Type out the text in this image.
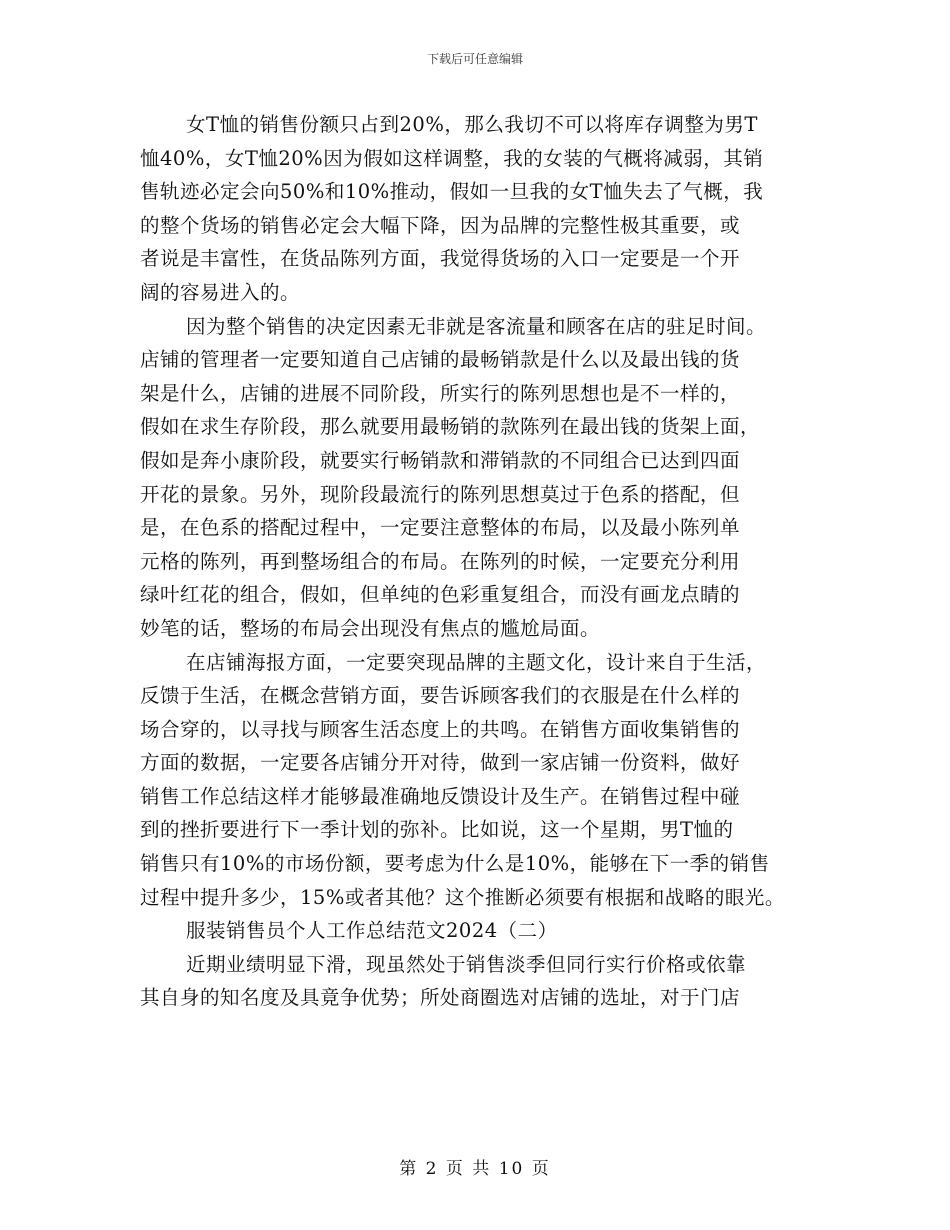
下载后可任意编辑
女T恤的销售份额只占到20%，那么我切不可以将库存调整为男T
恤40%，女T恤20%因为假如这样调整，我的女装的气概将减弱，其销
售轨迹必定会向50%和10%推动，假如一旦我的女T恤失去了气概，我
的整个货场的销售必定会大幅下降，因为品牌的完整性极其重要，或
者说是丰富性，在货品陈列方面，我觉得货场的入口一定要是一个开
阔的容易进入的。
因为整个销售的决定因素无非就是客流量和顾客在店的驻足时间。
店铺的管理者一定要知道自己店铺的最畅销款是什么以及最出钱的货
架是什么，店铺的进展不同阶段，所实行的陈列思想也是不一样的，
假如在求生存阶段，那么就要用最畅销的款陈列在最出钱的货架上面，
假如是奔小康阶段，就要实行畅销款和滞销款的不同组合已达到四面
开花的景象。另外，现阶段最流行的陈列思想莫过于色系的搭配，但
是，在色系的搭配过程中，一定要注意整体的布局，以及最小陈列单
元格的陈列，再到整场组合的布局。在陈列的时候，一定要充分利用
绿叶红花的组合，假如，但单纯的色彩重复组合，而没有画龙点睛的
妙笔的话，整场的布局会出现没有焦点的尴尬局面。
在店铺海报方面，一定要突现品牌的主题文化，设计来自于生活，
反馈于生活，在概念营销方面，要告诉顾客我们的衣服是在什么样的
场合穿的，以寻找与顾客生活态度上的共鸣。在销售方面收集销售的
方面的数据，一定要各店铺分开对待，做到一家店铺一份资料，做好
销售工作总结这样才能够最准确地反馈设计及生产。在销售过程中碰
到的挫折要进行下一季计划的弥补。比如说，这一个星期，男T恤的
销售只有10%的市场份额，要考虑为什么是10%，能够在下一季的销售
过程中提升多少，15%或者其他？这个推断必须要有根据和战略的眼光。
服装销售员个人工作总结范文2024（二）
近期业绩明显下滑，现虽然处于销售淡季但同行实行价格或依靠
其自身的知名度及具竟争优势；所处商圈选对店铺的选址，对于门店
第 2 页 共 10 页
